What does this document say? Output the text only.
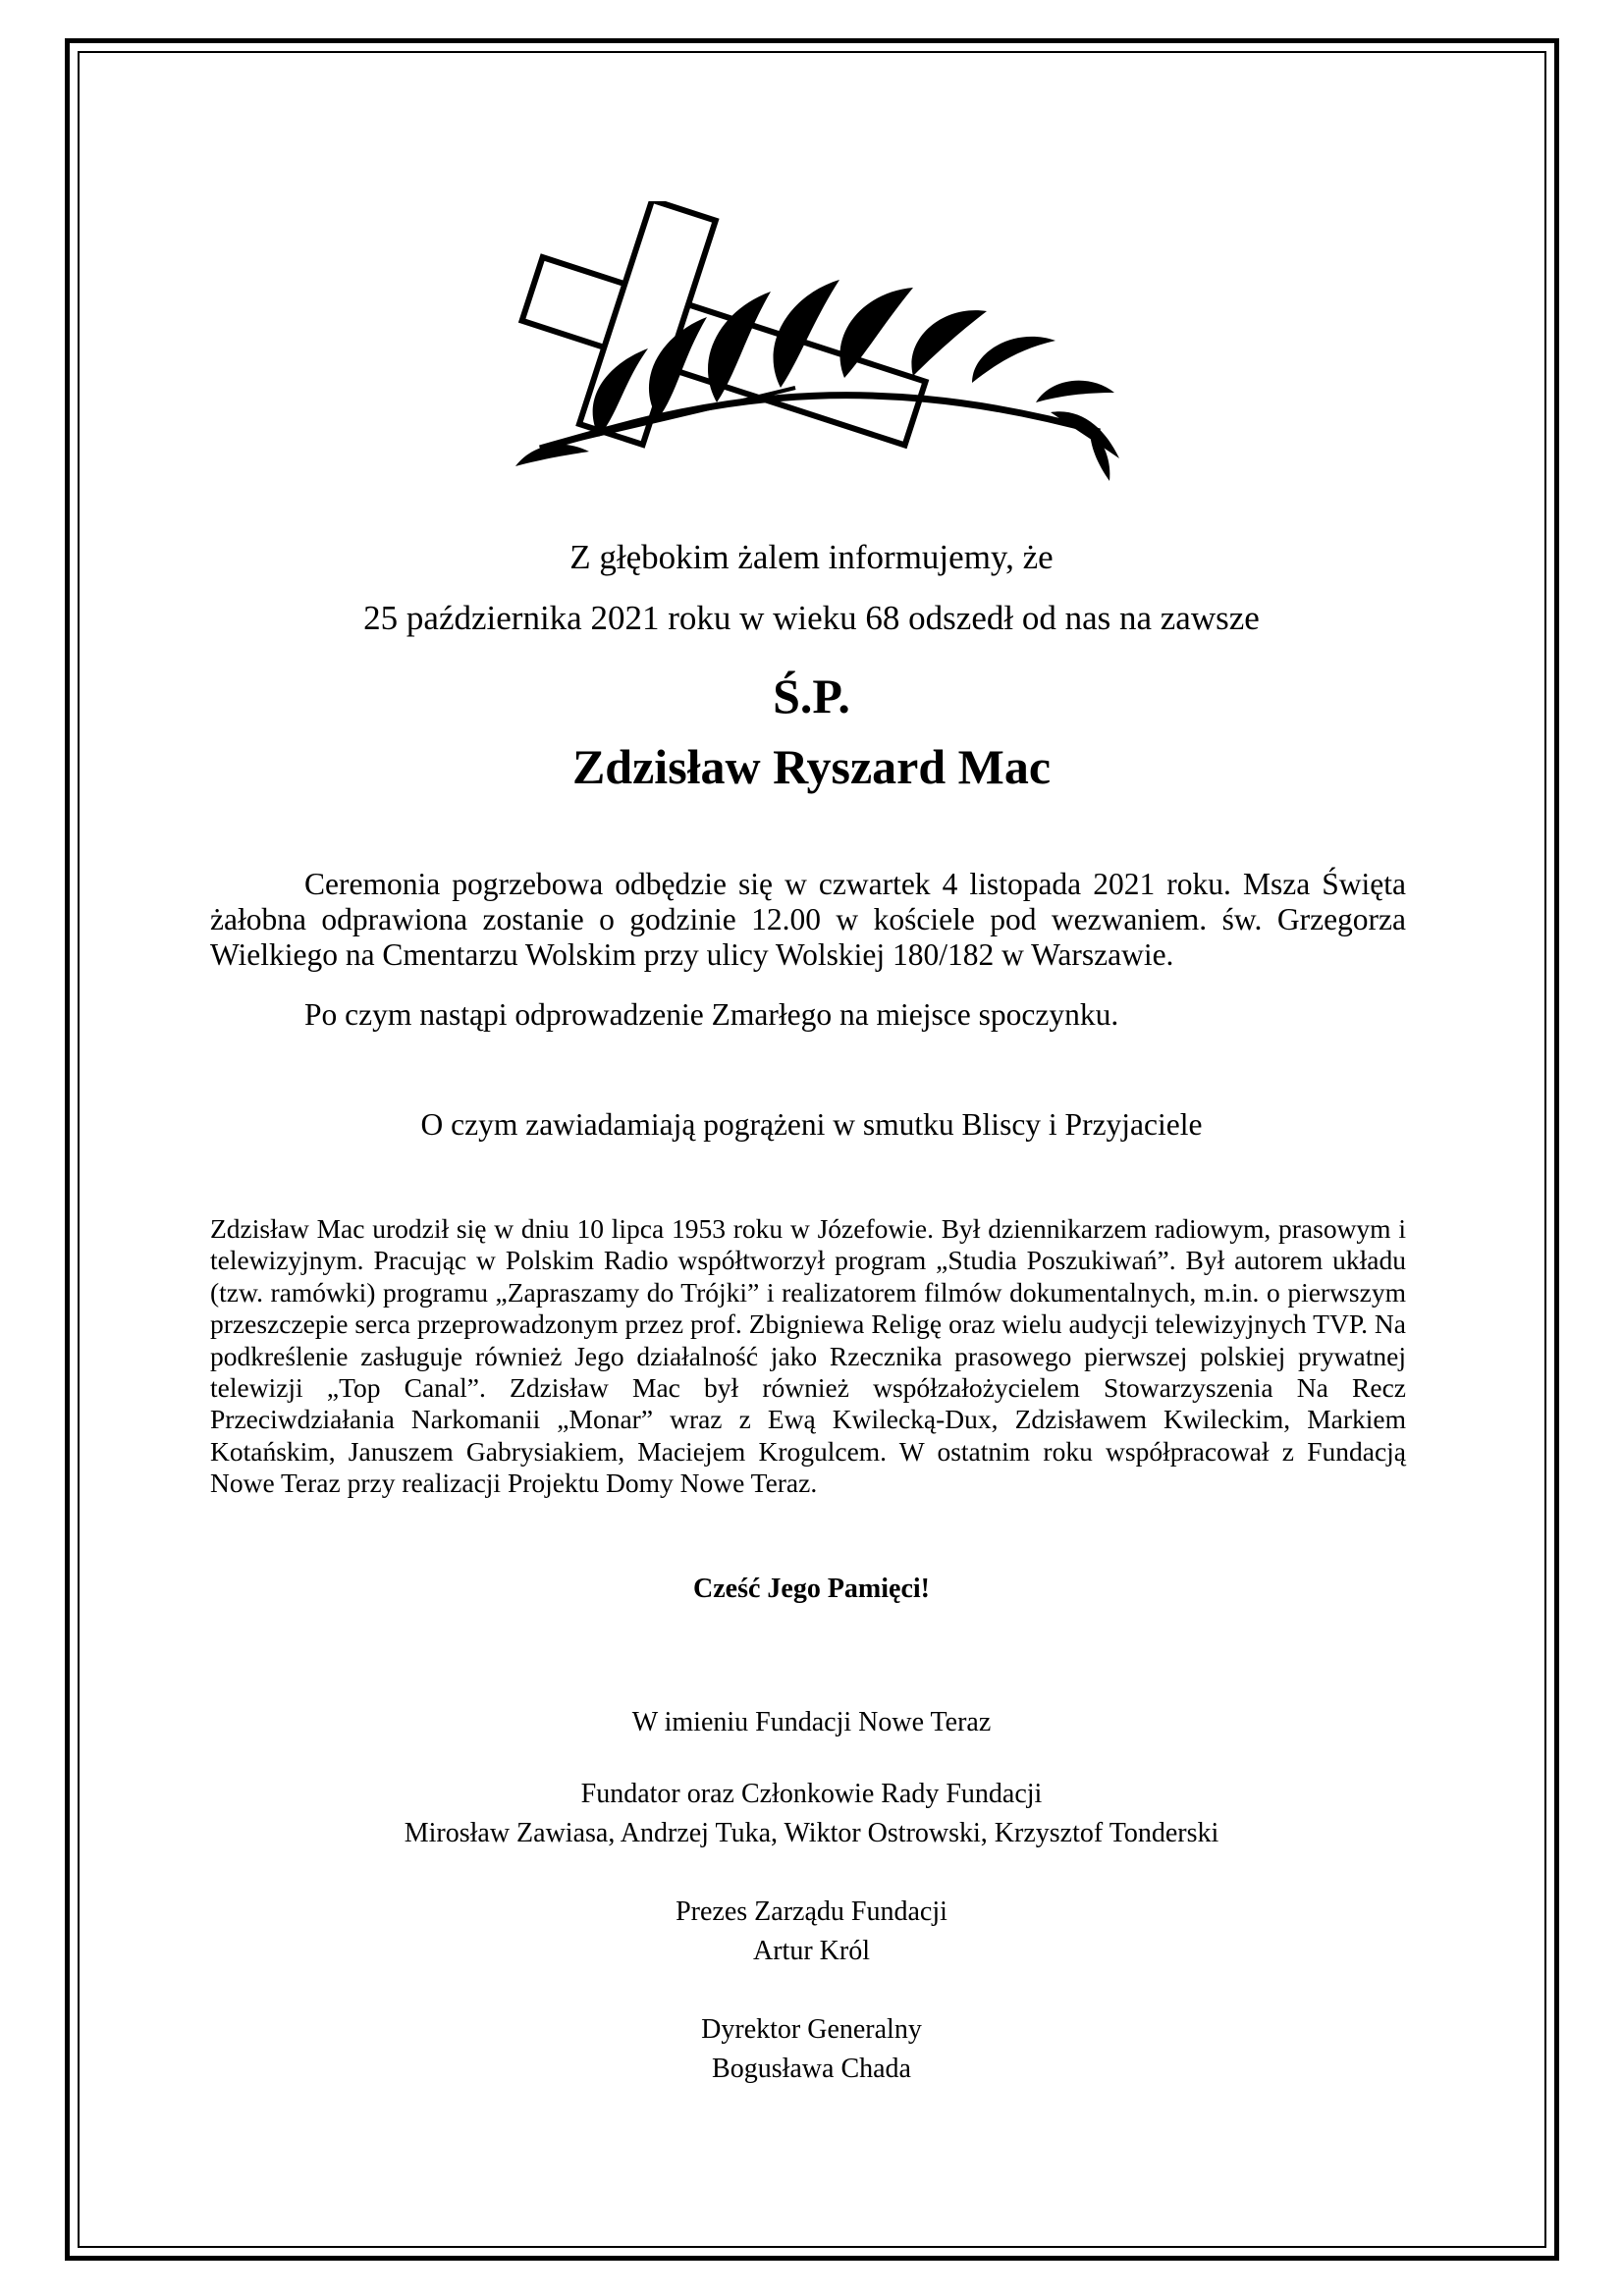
Z głębokim żalem informujemy, że
25 października 2021 roku w wieku 68 odszedł od nas na zawsze
Ś.P.
Zdzisław Ryszard Mac
Ceremonia pogrzebowa odbędzie się w czwartek 4 listopada 2021 roku. Msza Święta żałobna odprawiona zostanie o godzinie 12.00 w kościele pod wezwaniem. św. Grzegorza Wielkiego na Cmentarzu Wolskim przy ulicy Wolskiej 180/182 w Warszawie.
Po czym nastąpi odprowadzenie Zmarłego na miejsce spoczynku.
O czym zawiadamiają pogrążeni w smutku Bliscy i Przyjaciele
Zdzisław Mac urodził się w dniu 10 lipca 1953 roku w Józefowie. Był dziennikarzem radiowym, prasowym i telewizyjnym. Pracując w Polskim Radio współtworzył program „Studia Poszukiwań”. Był autorem układu (tzw. ramówki) programu „Zapraszamy do Trójki” i realizatorem filmów dokumentalnych, m.in. o pierwszym przeszczepie serca przeprowadzonym przez prof. Zbigniewa Religę oraz wielu audycji telewizyjnych TVP. Na podkreślenie zasługuje również Jego działalność jako Rzecznika prasowego pierwszej polskiej prywatnej telewizji „Top Canal”. Zdzisław Mac był również współzałożycielem Stowarzyszenia Na Recz Przeciwdziałania Narkomanii „Monar” wraz z Ewą Kwilecką-Dux, Zdzisławem Kwileckim, Markiem Kotańskim, Januszem Gabrysiakiem, Maciejem Krogulcem. W ostatnim roku współpracował z Fundacją Nowe Teraz przy realizacji Projektu Domy Nowe Teraz.
Cześć Jego Pamięci!
W imieniu Fundacji Nowe Teraz
Fundator oraz Członkowie Rady Fundacji
Mirosław Zawiasa, Andrzej Tuka, Wiktor Ostrowski, Krzysztof Tonderski
Prezes Zarządu Fundacji
Artur Król
Dyrektor Generalny
Bogusława Chada
